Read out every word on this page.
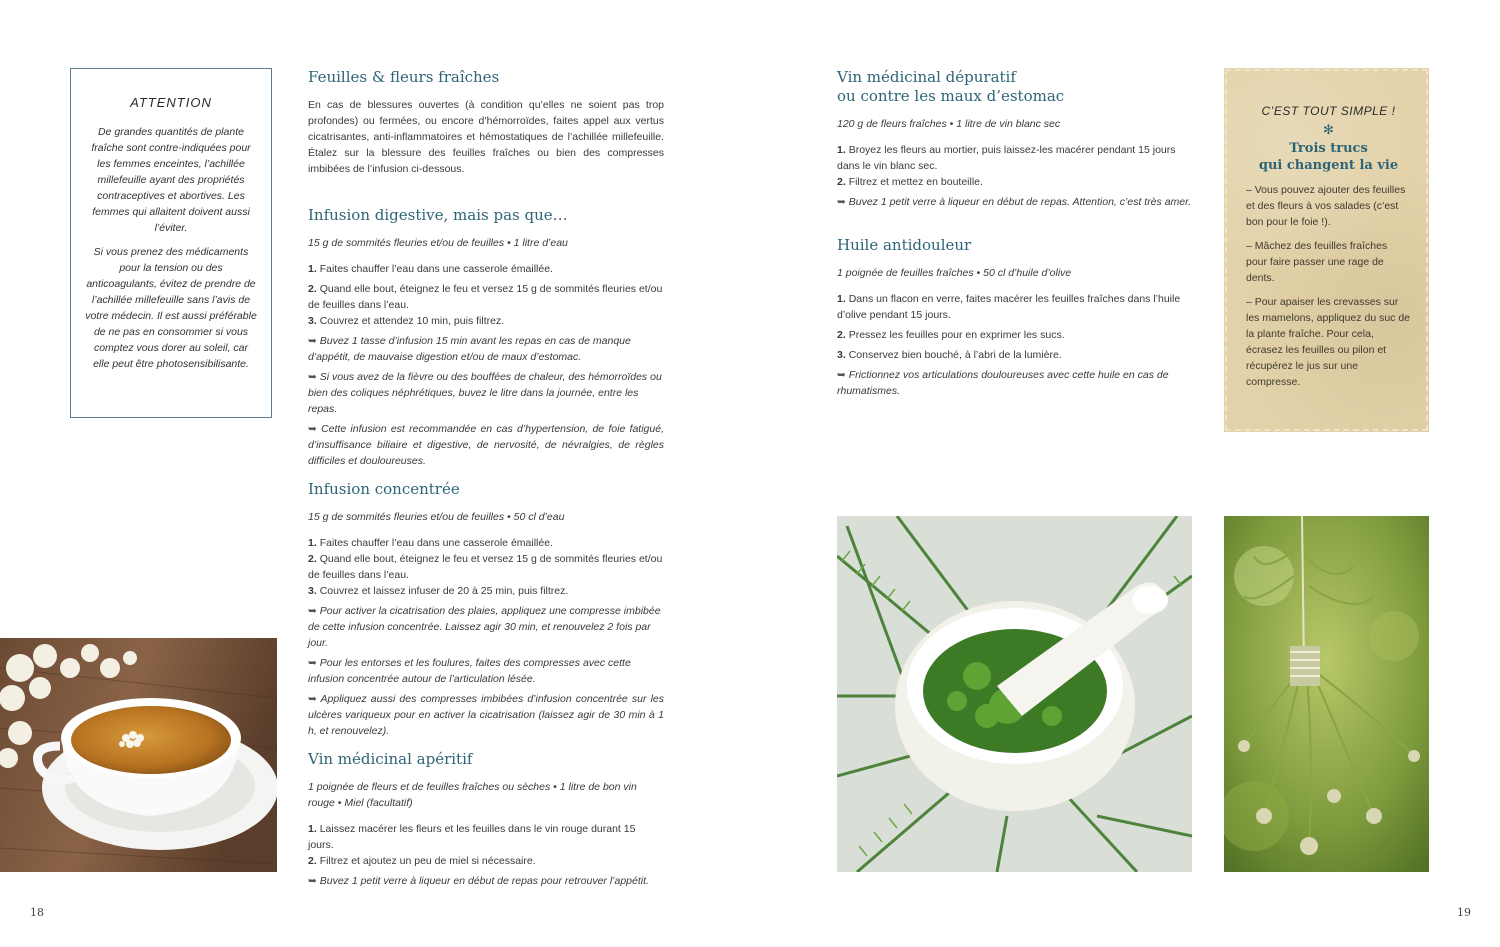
ATTENTION

De grandes quantités de plante fraîche sont contre-indiquées pour les femmes enceintes, l’achillée millefeuille ayant des propriétés contraceptives et abortives. Les femmes qui allaitent doivent aussi l’éviter.

Si vous prenez des médicaments pour la tension ou des anticoagulants, évitez de prendre de l’achillée millefeuille sans l’avis de votre médecin. Il est aussi préférable de ne pas en consommer si vous comptez vous dorer au soleil, car elle peut être photosensibilisante.

Feuilles & fleurs fraîches

En cas de blessures ouvertes (à condition qu’elles ne soient pas trop profondes) ou fermées, ou encore d’hémorroïdes, faites appel aux vertus cicatrisantes, anti-inflammatoires et hémostatiques de l’achillée millefeuille. Étalez sur la blessure des feuilles fraîches ou bien des compresses imbibées de l’infusion ci-dessous.

Infusion digestive, mais pas que…

15 g de sommités fleuries et/ou de feuilles • 1 litre d’eau

1. Faites chauffer l’eau dans une casserole émaillée.

2. Quand elle bout, éteignez le feu et versez 15 g de sommités fleuries et/ou de feuilles dans l’eau.

3. Couvrez et attendez 10 min, puis filtrez.

➥ Buvez 1 tasse d’infusion 15 min avant les repas en cas de manque d’appétit, de mauvaise digestion et/ou de maux d’estomac.

➥ Si vous avez de la fièvre ou des bouffées de chaleur, des hémorroïdes ou bien des coliques néphrétiques, buvez le litre dans la journée, entre les repas.

➥ Cette infusion est recommandée en cas d’hypertension, de foie fatigué, d’insuffisance biliaire et digestive, de nervosité, de névralgies, de règles difficiles et douloureuses.

Infusion concentrée

15 g de sommités fleuries et/ou de feuilles • 50 cl d’eau

1. Faites chauffer l’eau dans une casserole émaillée.

2. Quand elle bout, éteignez le feu et versez 15 g de sommités fleuries et/ou de feuilles dans l’eau.

3. Couvrez et laissez infuser de 20 à 25 min, puis filtrez.

➥ Pour activer la cicatrisation des plaies, appliquez une compresse imbibée de cette infusion concentrée. Laissez agir 30 min, et renouvelez 2 fois par jour.

➥ Pour les entorses et les foulures, faites des compresses avec cette infusion concentrée autour de l’articulation lésée.

➥ Appliquez aussi des compresses imbibées d’infusion concentrée sur les ulcères variqueux pour en activer la cicatrisation (laissez agir de 30 min à 1 h, et renouvelez).

Vin médicinal apéritif

1 poignée de fleurs et de feuilles fraîches ou sèches • 1 litre de bon vin rouge • Miel (facultatif)

1. Laissez macérer les fleurs et les feuilles dans le vin rouge durant 15 jours.

2. Filtrez et ajoutez un peu de miel si nécessaire.

➥ Buvez 1 petit verre à liqueur en début de repas pour retrouver l’appétit.

Vin médicinal dépuratif
ou contre les maux d’estomac

120 g de fleurs fraîches • 1 litre de vin blanc sec

1. Broyez les fleurs au mortier, puis laissez-les macérer pendant 15 jours dans le vin blanc sec.

2. Filtrez et mettez en bouteille.

➥ Buvez 1 petit verre à liqueur en début de repas. Attention, c’est très amer.

Huile antidouleur

1 poignée de feuilles fraîches • 50 cl d’huile d’olive

1. Dans un flacon en verre, faites macérer les feuilles fraîches dans l’huile d’olive pendant 15 jours.

2. Pressez les feuilles pour en exprimer les sucs.

3. Conservez bien bouché, à l’abri de la lumière.

➥ Frictionnez vos articulations douloureuses avec cette huile en cas de rhumatismes.

C’EST TOUT SIMPLE !
✻
Trois trucs
qui changent la vie

– Vous pouvez ajouter des feuilles et des fleurs à vos salades (c’est bon pour le foie !).

– Mâchez des feuilles fraîches pour faire passer une rage de dents.

– Pour apaiser les crevasses sur les mamelons, appliquez du suc de la plante fraîche. Pour cela, écrasez les feuilles ou pilon et récupérez le jus sur une compresse.

18	19
